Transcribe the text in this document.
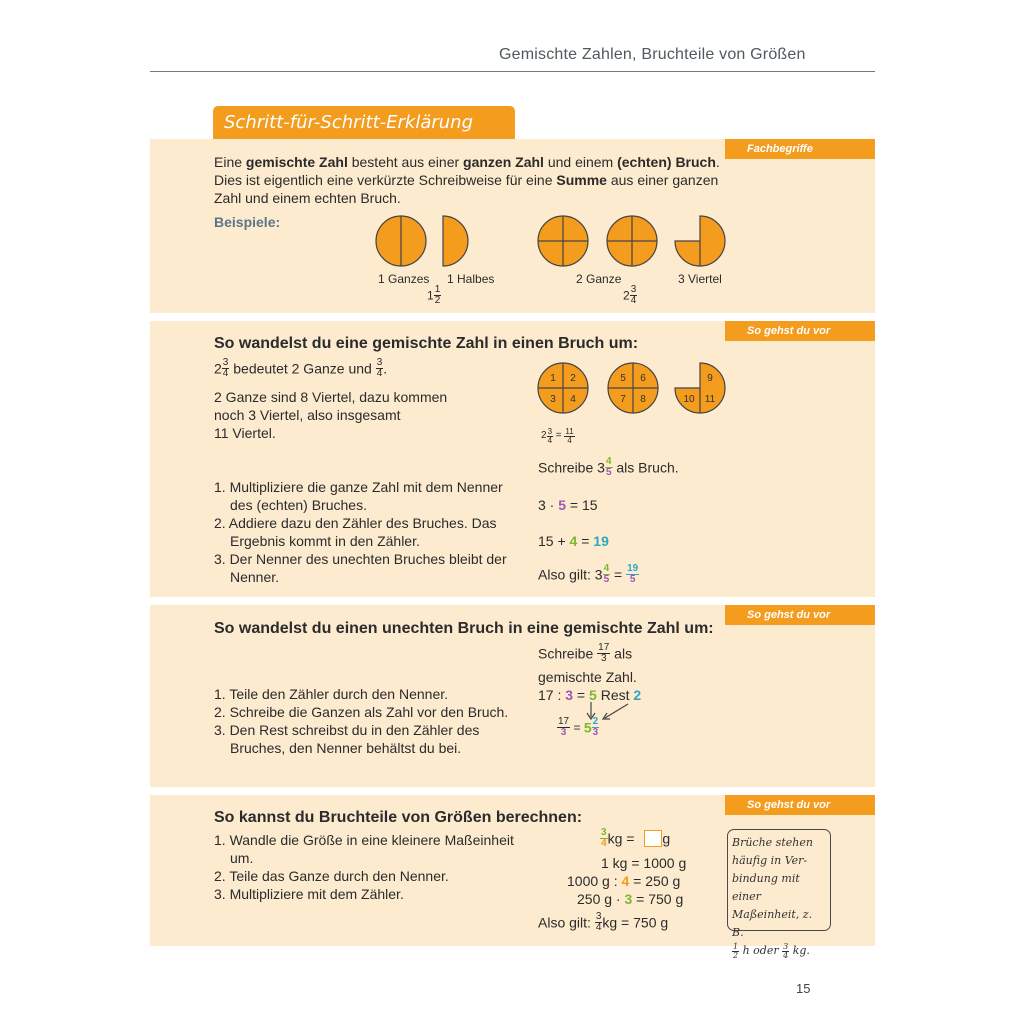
Gemischte Zahlen, Bruchteile von Größen
Schritt-für-Schritt-Erklärung
Fachbegriffe
Eine gemischte Zahl besteht aus einer ganzen Zahl und einem (echten) Bruch.
Dies ist eigentlich eine verkürzte Schreibweise für eine Summe aus einer ganzen
Zahl und einem echten Bruch.
Beispiele:
1 Ganzes 1 Halbes	2 Ganze	3 Viertel
$1 \frac{1}{2}$	$2 \frac{3}{4}$
So gehst du vor
So wandelst du eine gemischte Zahl in einen Bruch um:
$2 \frac{3}{4}$ bedeutet 2 Ganze und $\frac{3}{4}$ .
2 Ganze sind 8 Viertel, dazu kommen
noch 3 Viertel, also insgesamt
11 Viertel.
1. Multipliziere die ganze Zahl mit dem Nenner des (echten) Bruches.
2. Addiere dazu den Zähler des Bruches. Das Ergebnis kommt in den Zähler.
3. Der Nenner des unechten Bruches bleibt der Nenner.
1 2
3 4
5 6
7 8
9
10 11
$2 \frac{3}{4} = \frac{11}{4}$
Schreibe $3 \frac{4}{5}$ als Bruch.
3 · 5 = 15
15 + 4 = 19
Also gilt: $3 \frac{4}{5} = \frac{19}{5}$
So gehst du vor
So wandelst du einen unechten Bruch in eine gemischte Zahl um:
1. Teile den Zähler durch den Nenner.
2. Schreibe die Ganzen als Zahl vor den Bruch.
3. Den Rest schreibst du in den Zähler des Bruches, den Nenner behältst du bei.
Schreibe $\frac{17}{3}$ als
gemischte Zahl.
17 : 3 = 5 Rest 2
$\frac{17}{3} = 5 \frac{2}{3}$
So gehst du vor
So kannst du Bruchteile von Größen berechnen:
1. Wandle die Größe in eine kleinere Maßeinheit um.
2. Teile das Ganze durch den Nenner.
3. Multipliziere mit dem Zähler.
$\frac{3}{4}$ kg = g
1 kg = 1000 g
1000 g : 4 = 250 g
250 g · 3 = 750 g
Also gilt: $\frac{3}{4}$ kg = 750 g
Brüche stehen
häufig in Ver-
bindung mit einer
Maßeinheit, z. B.
$\frac{1}{2}$ h oder $\frac{3}{4}$ kg.
15
